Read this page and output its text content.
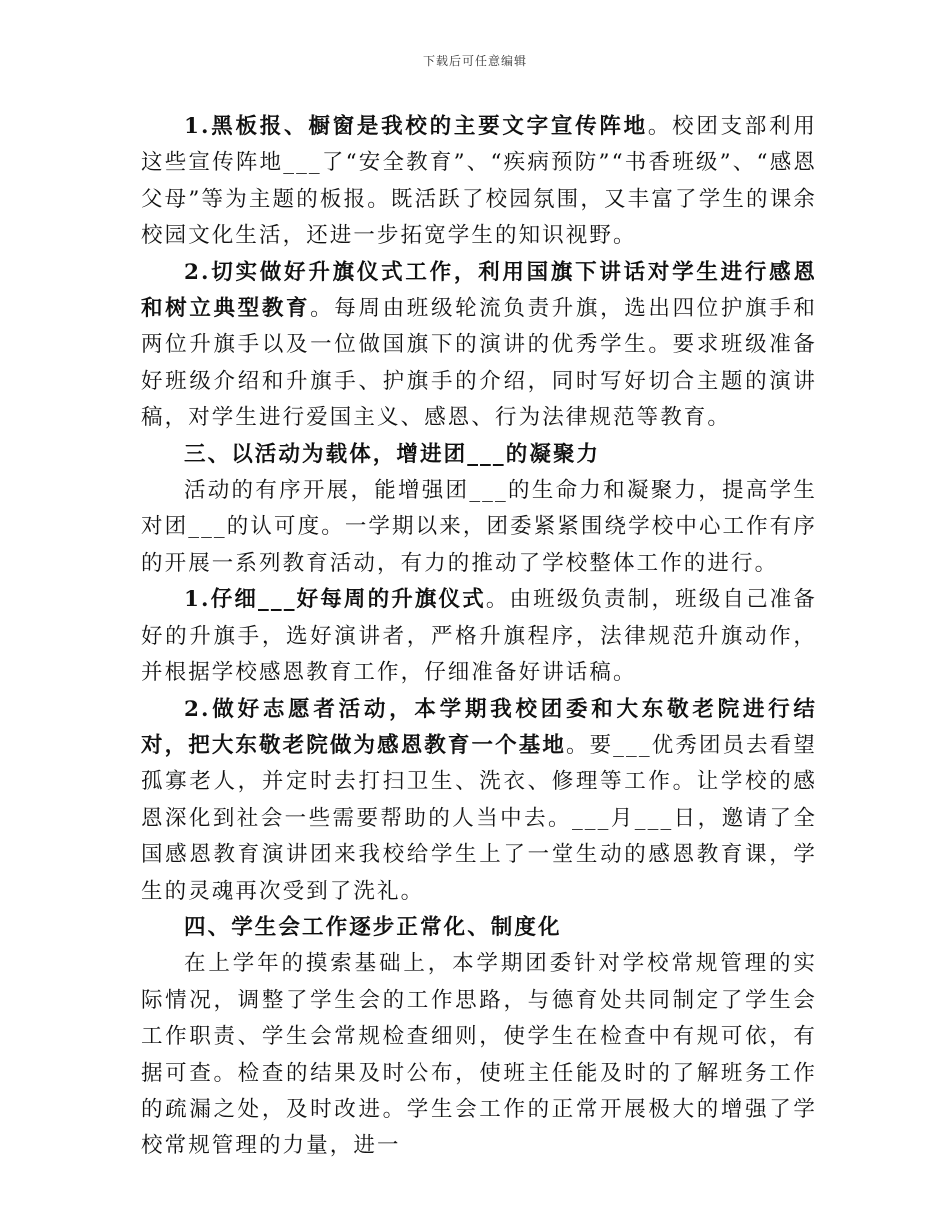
下载后可任意编辑

1.黑板报、橱窗是我校的主要文字宣传阵地。校团支部利用这些宣传阵地___了“安全教育”、“疾病预防”“书香班级”、“感恩父母”等为主题的板报。既活跃了校园氛围，又丰富了学生的课余校园文化生活，还进一步拓宽学生的知识视野。

2.切实做好升旗仪式工作，利用国旗下讲话对学生进行感恩和树立典型教育。每周由班级轮流负责升旗，选出四位护旗手和两位升旗手以及一位做国旗下的演讲的优秀学生。要求班级准备好班级介绍和升旗手、护旗手的介绍，同时写好切合主题的演讲稿，对学生进行爱国主义、感恩、行为法律规范等教育。

三、以活动为载体，增进团___的凝聚力

活动的有序开展，能增强团___的生命力和凝聚力，提高学生对团___的认可度。一学期以来，团委紧紧围绕学校中心工作有序的开展一系列教育活动，有力的推动了学校整体工作的进行。

1.仔细___好每周的升旗仪式。由班级负责制，班级自己准备好的升旗手，选好演讲者，严格升旗程序，法律规范升旗动作，并根据学校感恩教育工作，仔细准备好讲话稿。

2.做好志愿者活动，本学期我校团委和大东敬老院进行结对，把大东敬老院做为感恩教育一个基地。要___优秀团员去看望孤寡老人，并定时去打扫卫生、洗衣、修理等工作。让学校的感恩深化到社会一些需要帮助的人当中去。___月___日，邀请了全国感恩教育演讲团来我校给学生上了一堂生动的感恩教育课，学生的灵魂再次受到了洗礼。

四、学生会工作逐步正常化、制度化

在上学年的摸索基础上，本学期团委针对学校常规管理的实际情况，调整了学生会的工作思路，与德育处共同制定了学生会工作职责、学生会常规检查细则，使学生在检查中有规可依，有据可查。检查的结果及时公布，使班主任能及时的了解班务工作的疏漏之处，及时改进。学生会工作的正常开展极大的增强了学校常规管理的力量，进一
